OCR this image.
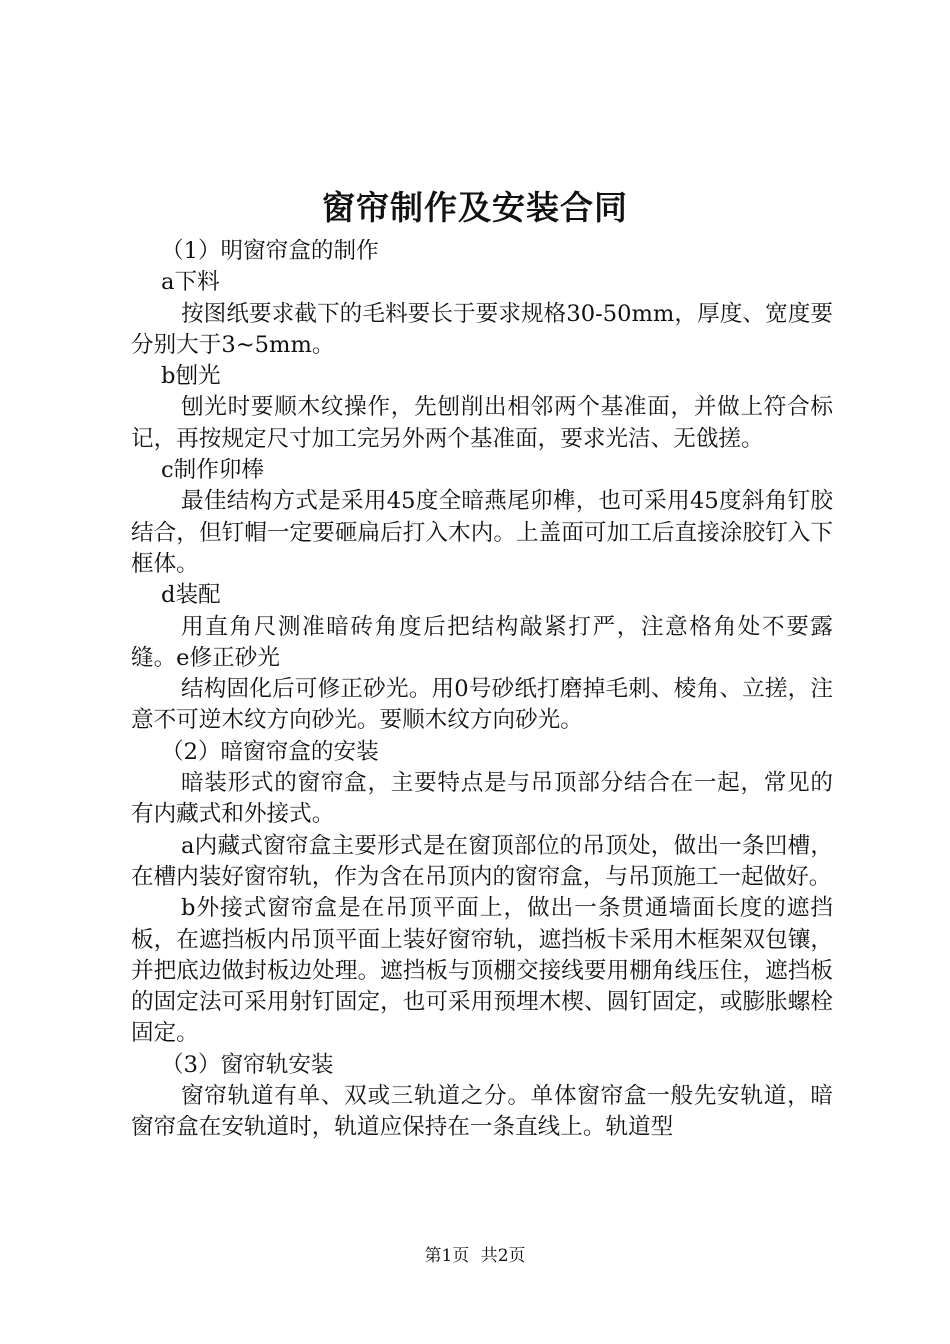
窗帘制作及安装合同

（1）明窗帘盒的制作

a下料

按图纸要求截下的毛料要长于要求规格30-50mm，厚度、宽度要分别大于3~5mm。

b刨光

刨光时要顺木纹操作，先刨削出相邻两个基准面，并做上符合标记，再按规定尺寸加工完另外两个基准面，要求光洁、无戗搓。

c制作卯棒

最佳结构方式是采用45度全暗燕尾卯榫，也可采用45度斜角钉胶结合，但钉帽一定要砸扁后打入木内。上盖面可加工后直接涂胶钉入下框体。

d装配

用直角尺测准暗砖角度后把结构敲紧打严，注意格角处不要露缝。e修正砂光

结构固化后可修正砂光。用0号砂纸打磨掉毛刺、棱角、立搓，注意不可逆木纹方向砂光。要顺木纹方向砂光。

（2）暗窗帘盒的安装

暗装形式的窗帘盒，主要特点是与吊顶部分结合在一起，常见的有内藏式和外接式。

a内藏式窗帘盒主要形式是在窗顶部位的吊顶处，做出一条凹槽，在槽内装好窗帘轨，作为含在吊顶内的窗帘盒，与吊顶施工一起做好。

b外接式窗帘盒是在吊顶平面上，做出一条贯通墙面长度的遮挡板，在遮挡板内吊顶平面上装好窗帘轨，遮挡板卡采用木框架双包镶，并把底边做封板边处理。遮挡板与顶棚交接线要用棚角线压住，遮挡板的固定法可采用射钉固定，也可采用预埋木楔、圆钉固定，或膨胀螺栓固定。

（3）窗帘轨安装

窗帘轨道有单、双或三轨道之分。单体窗帘盒一般先安轨道，暗窗帘盒在安轨道时，轨道应保持在一条直线上。轨道型

第1页 共2页
